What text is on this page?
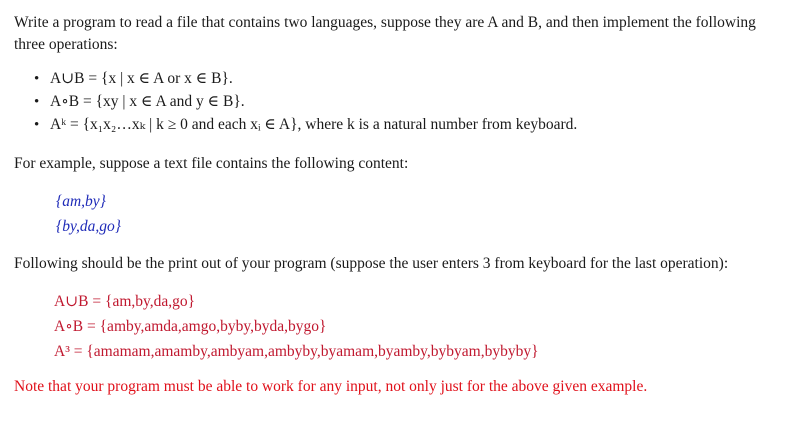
Write a program to read a file that contains two languages, suppose they are A and B, and then implement the following three operations:

• A∪B = {x | x ∈ A or x ∈ B}.
• A∘B = {xy | x ∈ A and y ∈ B}.
• Aᵏ = {x₁x₂…xₖ | k ≥ 0 and each xᵢ ∈ A}, where k is a natural number from keyboard.

For example, suppose a text file contains the following content:

{am,by}
{by,da,go}

Following should be the print out of your program (suppose the user enters 3 from keyboard for the last operation):

A∪B = {am,by,da,go}
A∘B = {amby,amda,amgo,byby,byda,bygo}
A³ = {amamam,amamby,ambyam,ambyby,byamam,byamby,bybyam,bybyby}

Note that your program must be able to work for any input, not only just for the above given example.
